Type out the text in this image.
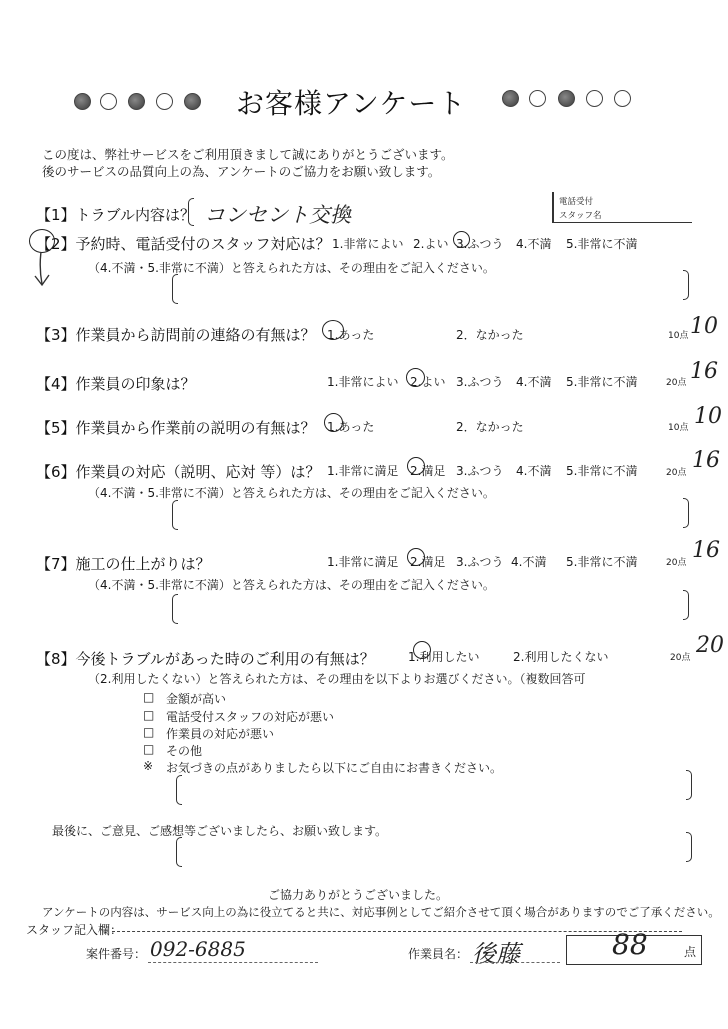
お客様アンケート
この度は、弊社サービスをご利用頂きまして誠にありがとうございます。
後のサービスの品質向上の為、アンケートのご協力をお願い致します。
電話受付
スタッフ名
【1】トラブル内容は？ コンセント交換
【2】予約時、電話受付のスタッフ対応は？ 1.非常によい 2.よい 3.ふつう 4.不満 5.非常に不満
（4.不満・5.非常に不満）と答えられた方は、その理由をご記入ください。
【3】作業員から訪問前の連絡の有無は？ 1.あった	2．なかった	10点 10
【4】作業員の印象は？	1.非常によい 2.よい 3.ふつう 4.不満 5.非常に不満	20点 16
【5】作業員から作業前の説明の有無は？ 1.あった	2．なかった	10点 10
【6】作業員の対応（説明、応対 等）は？ 1.非常に満足 2.満足 3.ふつう 4.不満 5.非常に不満	20点 16
（4.不満・5.非常に不満）と答えられた方は、その理由をご記入ください。
【7】施工の仕上がりは？	1.非常に満足 2.満足 3.ふつう 4.不満 5.非常に不満	20点 16
（4.不満・5.非常に不満）と答えられた方は、その理由をご記入ください。
【8】今後トラブルがあった時のご利用の有無は？	1.利用したい	2.利用したくない	20点 20
（2.利用したくない）と答えられた方は、その理由を以下よりお選びください。（複数回答可
□ 金額が高い
□ 電話受付スタッフの対応が悪い
□ 作業員の対応が悪い
□ その他
※ お気づきの点がありましたら以下にご自由にお書きください。
最後に、ご意見、ご感想等ございましたら、お願い致します。
ご協力ありがとうございました。
アンケートの内容は、サービス向上の為に役立てると共に、対応事例としてご紹介させて頂く場合がありますのでご了承ください。
スタッフ記入欄：
案件番号： 092-6885	作業員名： 後藤	88	点
